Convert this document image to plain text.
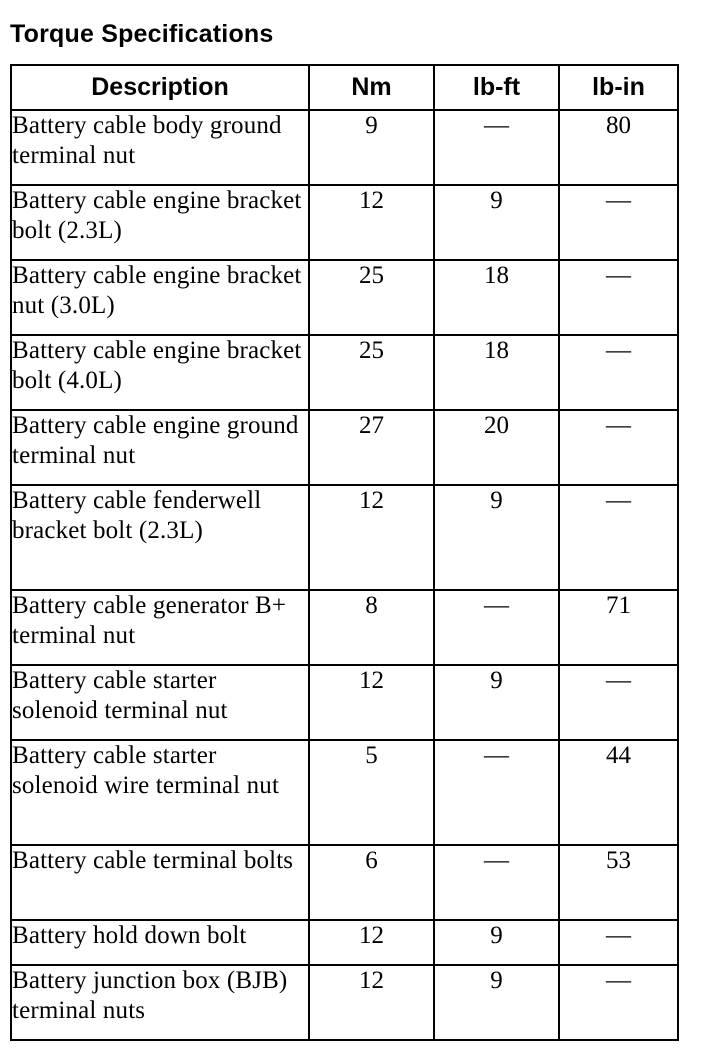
Torque Specifications
Description	Nm	lb-ft	lb-in
Battery cable body ground terminal nut	9	—	80
Battery cable engine bracket bolt (2.3L)	12	9	—
Battery cable engine bracket nut (3.0L)	25	18	—
Battery cable engine bracket bolt (4.0L)	25	18	—
Battery cable engine ground terminal nut	27	20	—
Battery cable fenderwell bracket bolt (2.3L)	12	9	—
Battery cable generator B+ terminal nut	8	—	71
Battery cable starter solenoid terminal nut	12	9	—
Battery cable starter solenoid wire terminal nut	5	—	44
Battery cable terminal bolts	6	—	53
Battery hold down bolt	12	9	—
Battery junction box (BJB) terminal nuts	12	9	—
